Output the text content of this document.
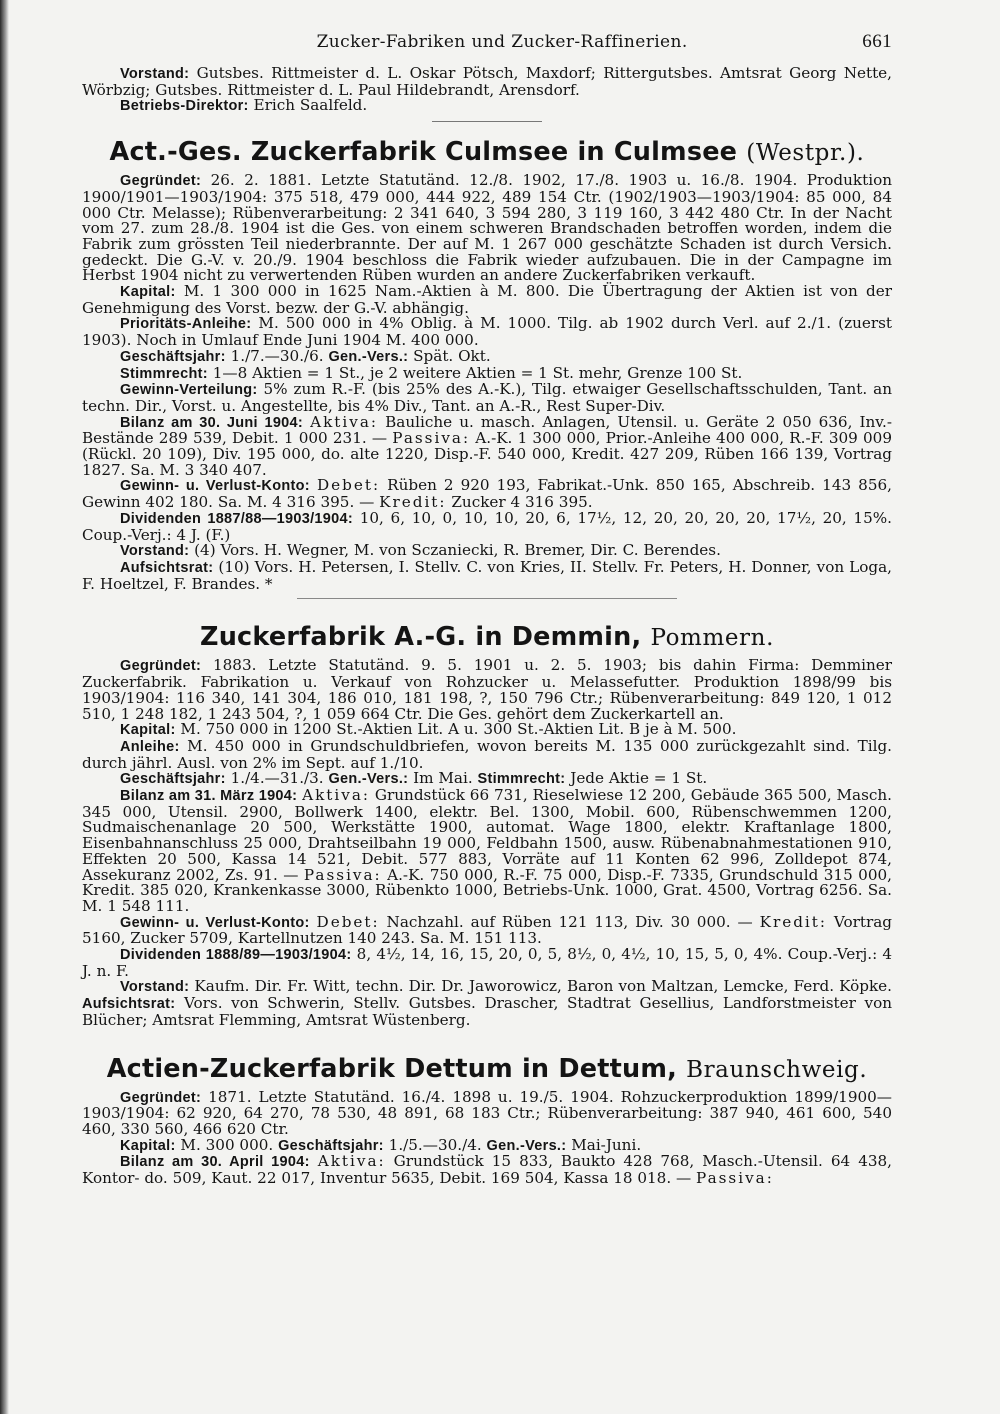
Zucker-Fabriken und Zucker-Raffinerien.	661

Vorstand: Gutsbes. Rittmeister d. L. Oskar Pötsch, Maxdorf; Rittergutsbes. Amtsrat Georg Nette, Wörbzig; Gutsbes. Rittmeister d. L. Paul Hildebrandt, Arensdorf.

Betriebs-Direktor: Erich Saalfeld.

Act.-Ges. Zuckerfabrik Culmsee in Culmsee (Westpr.).

Gegründet: 26. 2. 1881. Letzte Statutänd. 12./8. 1902, 17./8. 1903 u. 16./8. 1904. Produktion 1900/1901—1903/1904: 375 518, 479 000, 444 922, 489 154 Ctr. (1902/1903—1903/1904: 85 000, 84 000 Ctr. Melasse); Rübenverarbeitung: 2 341 640, 3 594 280, 3 119 160, 3 442 480 Ctr. In der Nacht vom 27. zum 28./8. 1904 ist die Ges. von einem schweren Brandschaden betroffen worden, indem die Fabrik zum grössten Teil niederbrannte. Der auf M. 1 267 000 geschätzte Schaden ist durch Versich. gedeckt. Die G.-V. v. 20./9. 1904 beschloss die Fabrik wieder aufzubauen. Die in der Campagne im Herbst 1904 nicht zu verwertenden Rüben wurden an andere Zuckerfabriken verkauft.

Kapital: M. 1 300 000 in 1625 Nam.-Aktien à M. 800. Die Übertragung der Aktien ist von der Genehmigung des Vorst. bezw. der G.-V. abhängig.

Prioritäts-Anleihe: M. 500 000 in 4% Oblig. à M. 1000. Tilg. ab 1902 durch Verl. auf 2./1. (zuerst 1903). Noch in Umlauf Ende Juni 1904 M. 400 000.

Geschäftsjahr: 1./7.—30./6. Gen.-Vers.: Spät. Okt.

Stimmrecht: 1—8 Aktien = 1 St., je 2 weitere Aktien = 1 St. mehr, Grenze 100 St.

Gewinn-Verteilung: 5% zum R.-F. (bis 25% des A.-K.), Tilg. etwaiger Gesellschaftsschulden, Tant. an techn. Dir., Vorst. u. Angestellte, bis 4% Div., Tant. an A.-R., Rest Super-Div.

Bilanz am 30. Juni 1904: Aktiva: Bauliche u. masch. Anlagen, Utensil. u. Geräte 2 050 636, Inv.-Bestände 289 539, Debit. 1 000 231. — Passiva: A.-K. 1 300 000, Prior.-Anleihe 400 000, R.-F. 309 009 (Rückl. 20 109), Div. 195 000, do. alte 1220, Disp.-F. 540 000, Kredit. 427 209, Rüben 166 139, Vortrag 1827. Sa. M. 3 340 407.

Gewinn- u. Verlust-Konto: Debet: Rüben 2 920 193, Fabrikat.-Unk. 850 165, Abschreib. 143 856, Gewinn 402 180. Sa. M. 4 316 395. — Kredit: Zucker 4 316 395.

Dividenden 1887/88—1903/1904: 10, 6, 10, 0, 10, 10, 20, 6, 17½, 12, 20, 20, 20, 20, 17½, 20, 15%. Coup.-Verj.: 4 J. (F.)

Vorstand: (4) Vors. H. Wegner, M. von Sczaniecki, R. Bremer, Dir. C. Berendes.

Aufsichtsrat: (10) Vors. H. Petersen, I. Stellv. C. von Kries, II. Stellv. Fr. Peters, H. Donner, von Loga, F. Hoeltzel, F. Brandes. *

Zuckerfabrik A.-G. in Demmin, Pommern.

Gegründet: 1883. Letzte Statutänd. 9. 5. 1901 u. 2. 5. 1903; bis dahin Firma: Demminer Zuckerfabrik. Fabrikation u. Verkauf von Rohzucker u. Melassefutter. Produktion 1898/99 bis 1903/1904: 116 340, 141 304, 186 010, 181 198, ?, 150 796 Ctr.; Rübenverarbeitung: 849 120, 1 012 510, 1 248 182, 1 243 504, ?, 1 059 664 Ctr. Die Ges. gehört dem Zuckerkartell an.

Kapital: M. 750 000 in 1200 St.-Aktien Lit. A u. 300 St.-Aktien Lit. B je à M. 500.

Anleihe: M. 450 000 in Grundschuldbriefen, wovon bereits M. 135 000 zurückgezahlt sind. Tilg. durch jährl. Ausl. von 2% im Sept. auf 1./10.

Geschäftsjahr: 1./4.—31./3. Gen.-Vers.: Im Mai. Stimmrecht: Jede Aktie = 1 St.

Bilanz am 31. März 1904: Aktiva: Grundstück 66 731, Rieselwiese 12 200, Gebäude 365 500, Masch. 345 000, Utensil. 2900, Bollwerk 1400, elektr. Bel. 1300, Mobil. 600, Rübenschwemmen 1200, Sudmaischenanlage 20 500, Werkstätte 1900, automat. Wage 1800, elektr. Kraftanlage 1800, Eisenbahnanschluss 25 000, Drahtseilbahn 19 000, Feldbahn 1500, ausw. Rübenabnahmestationen 910, Effekten 20 500, Kassa 14 521, Debit. 577 883, Vorräte auf 11 Konten 62 996, Zolldepot 874, Assekuranz 2002, Zs. 91. — Passiva: A.-K. 750 000, R.-F. 75 000, Disp.-F. 7335, Grundschuld 315 000, Kredit. 385 020, Krankenkasse 3000, Rübenkto 1000, Betriebs-Unk. 1000, Grat. 4500, Vortrag 6256. Sa. M. 1 548 111.

Gewinn- u. Verlust-Konto: Debet: Nachzahl. auf Rüben 121 113, Div. 30 000. — Kredit: Vortrag 5160, Zucker 5709, Kartellnutzen 140 243. Sa. M. 151 113.

Dividenden 1888/89—1903/1904: 8, 4½, 14, 16, 15, 20, 0, 5, 8½, 0, 4½, 10, 15, 5, 0, 4%. Coup.-Verj.: 4 J. n. F.

Vorstand: Kaufm. Dir. Fr. Witt, techn. Dir. Dr. Jaworowicz, Baron von Maltzan, Lemcke, Ferd. Köpke. Aufsichtsrat: Vors. von Schwerin, Stellv. Gutsbes. Drascher, Stadtrat Gesellius, Landforstmeister von Blücher; Amtsrat Flemming, Amtsrat Wüstenberg.

Actien-Zuckerfabrik Dettum in Dettum, Braunschweig.

Gegründet: 1871. Letzte Statutänd. 16./4. 1898 u. 19./5. 1904. Rohzuckerproduktion 1899/1900—1903/1904: 62 920, 64 270, 78 530, 48 891, 68 183 Ctr.; Rübenverarbeitung: 387 940, 461 600, 540 460, 330 560, 466 620 Ctr.

Kapital: M. 300 000. Geschäftsjahr: 1./5.—30./4. Gen.-Vers.: Mai-Juni.

Bilanz am 30. April 1904: Aktiva: Grundstück 15 833, Baukto 428 768, Masch.-Utensil. 64 438, Kontor- do. 509, Kaut. 22 017, Inventur 5635, Debit. 169 504, Kassa 18 018. — Passiva:
